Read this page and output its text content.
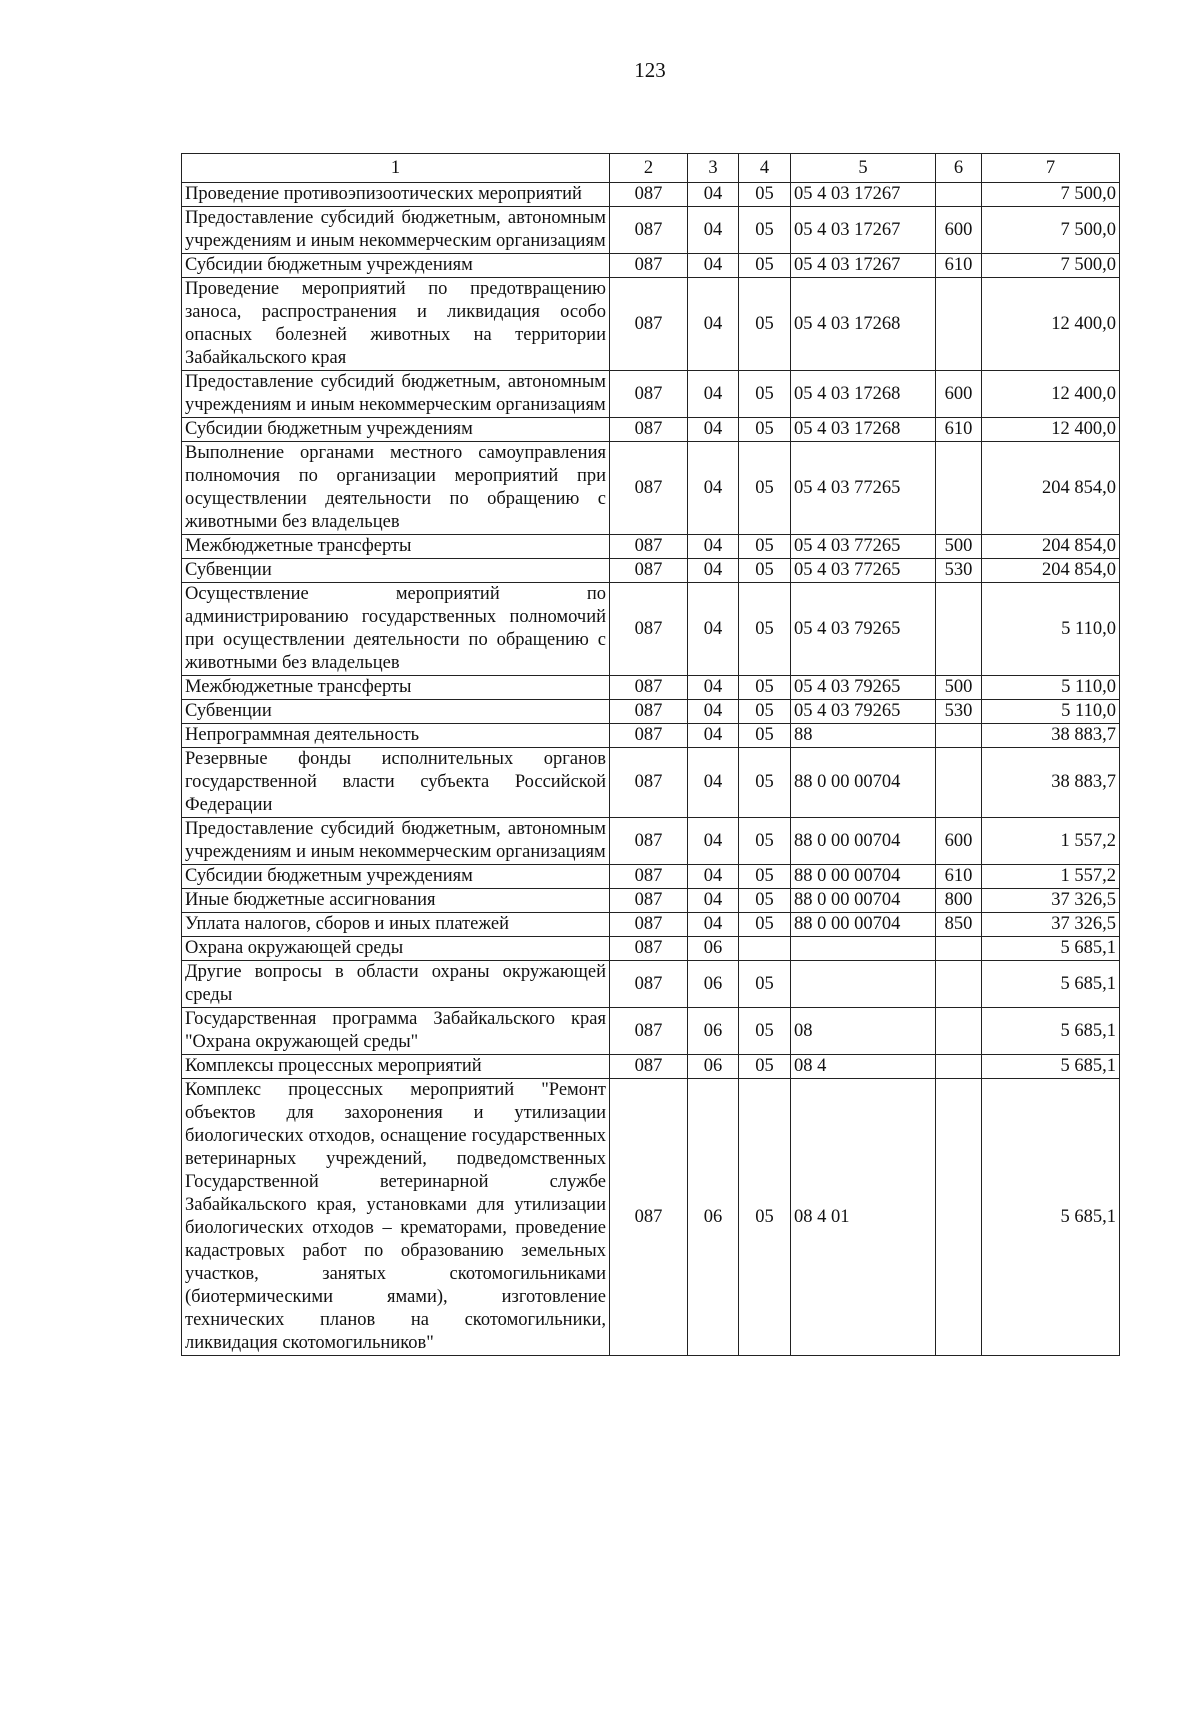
123
1	2	3	4	5	6	7
Проведение противоэпизоотических мероприятий	087	04	05	05 4 03 17267		7 500,0
Предоставление субсидий бюджетным, автономным учреждениям и иным некоммерческим организациям	087	04	05	05 4 03 17267	600	7 500,0
Субсидии бюджетным учреждениям	087	04	05	05 4 03 17267	610	7 500,0
Проведение мероприятий по предотвращению заноса, распространения и ликвидация особо опасных болезней животных на территории Забайкальского края	087	04	05	05 4 03 17268		12 400,0
Предоставление субсидий бюджетным, автономным учреждениям и иным некоммерческим организациям	087	04	05	05 4 03 17268	600	12 400,0
Субсидии бюджетным учреждениям	087	04	05	05 4 03 17268	610	12 400,0
Выполнение органами местного самоуправления полномочия по организации мероприятий при осуществлении деятельности по обращению с животными без владельцев	087	04	05	05 4 03 77265		204 854,0
Межбюджетные трансферты	087	04	05	05 4 03 77265	500	204 854,0
Субвенции	087	04	05	05 4 03 77265	530	204 854,0
Осуществление мероприятий по администрированию государственных полномочий при осуществлении деятельности по обращению с животными без владельцев	087	04	05	05 4 03 79265		5 110,0
Межбюджетные трансферты	087	04	05	05 4 03 79265	500	5 110,0
Субвенции	087	04	05	05 4 03 79265	530	5 110,0
Непрограммная деятельность	087	04	05	88		38 883,7
Резервные фонды исполнительных органов государственной власти субъекта Российской Федерации	087	04	05	88 0 00 00704		38 883,7
Предоставление субсидий бюджетным, автономным учреждениям и иным некоммерческим организациям	087	04	05	88 0 00 00704	600	1 557,2
Субсидии бюджетным учреждениям	087	04	05	88 0 00 00704	610	1 557,2
Иные бюджетные ассигнования	087	04	05	88 0 00 00704	800	37 326,5
Уплата налогов, сборов и иных платежей	087	04	05	88 0 00 00704	850	37 326,5
Охрана окружающей среды	087	06				5 685,1
Другие вопросы в области охраны окружающей среды	087	06	05			5 685,1
Государственная программа Забайкальского края "Охрана окружающей среды"	087	06	05	08		5 685,1
Комплексы процессных мероприятий	087	06	05	08 4		5 685,1
Комплекс процессных мероприятий "Ремонт объектов для захоронения и утилизации биологических отходов, оснащение государственных ветеринарных учреждений, подведомственных Государственной ветеринарной службе Забайкальского края, установками для утилизации биологических отходов – крематорами, проведение кадастровых работ по образованию земельных участков, занятых скотомогильниками (биотермическими ямами), изготовление технических планов на скотомогильники, ликвидация скотомогильников"	087	06	05	08 4 01		5 685,1
